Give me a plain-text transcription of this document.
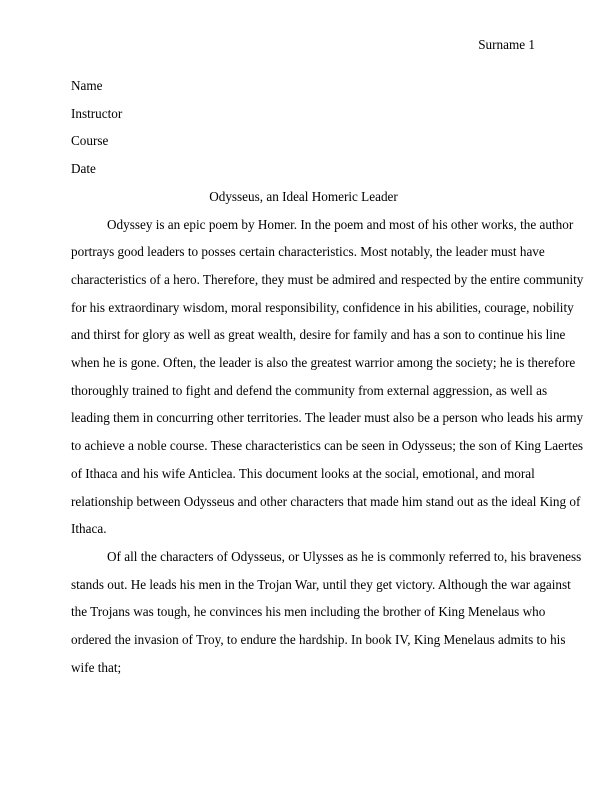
Surname 1
Name
Instructor
Course
Date
Odysseus, an Ideal Homeric Leader
Odyssey is an epic poem by Homer. In the poem and most of his other works, the author
portrays good leaders to posses certain characteristics. Most notably, the leader must have
characteristics of a hero. Therefore, they must be admired and respected by the entire community
for his extraordinary wisdom, moral responsibility, confidence in his abilities, courage, nobility
and thirst for glory as well as great wealth, desire for family and has a son to continue his line
when he is gone. Often, the leader is also the greatest warrior among the society; he is therefore
thoroughly trained to fight and defend the community from external aggression, as well as
leading them in concurring other territories. The leader must also be a person who leads his army
to achieve a noble course. These characteristics can be seen in Odysseus; the son of King Laertes
of Ithaca and his wife Anticlea. This document looks at the social, emotional, and moral
relationship between Odysseus and other characters that made him stand out as the ideal King of
Ithaca.
Of all the characters of Odysseus, or Ulysses as he is commonly referred to, his braveness
stands out. He leads his men in the Trojan War, until they get victory. Although the war against
the Trojans was tough, he convinces his men including the brother of King Menelaus who
ordered the invasion of Troy, to endure the hardship. In book IV, King Menelaus admits to his
wife that;
